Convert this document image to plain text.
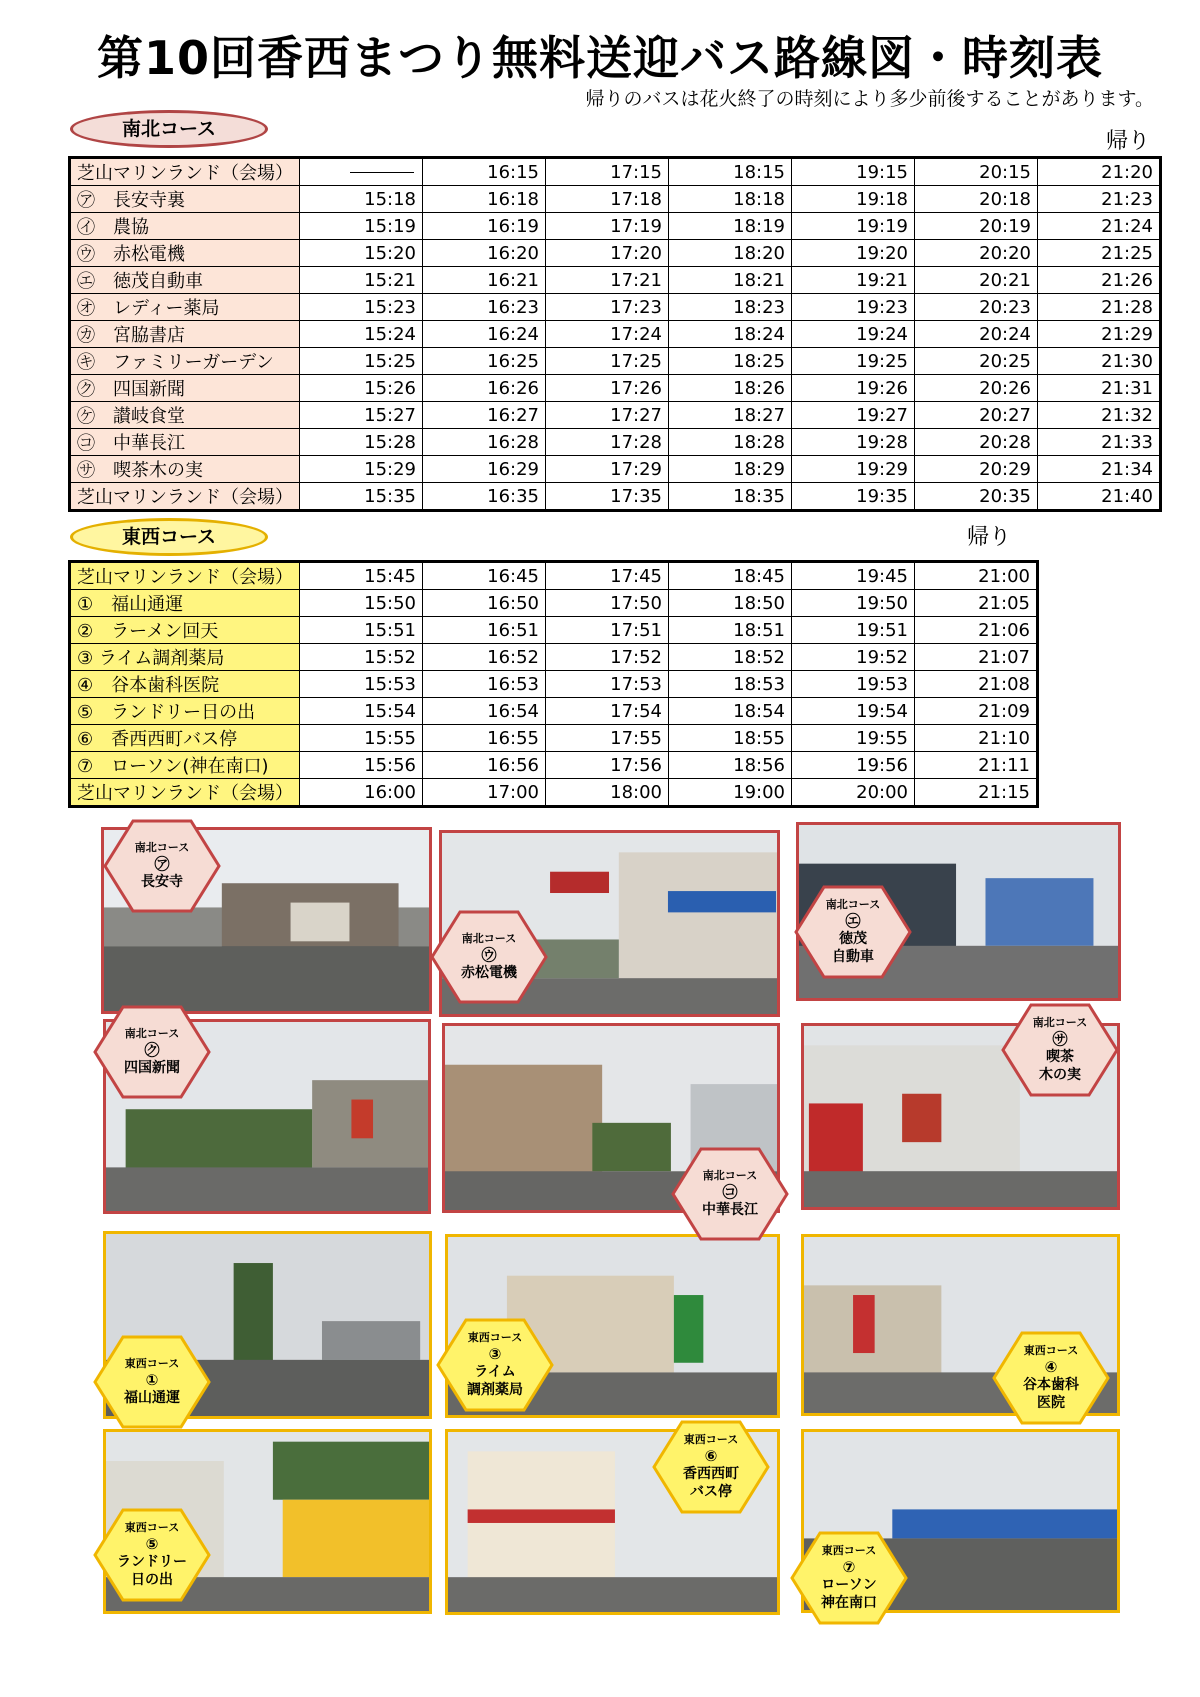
第10回香西まつり無料送迎バス路線図・時刻表
帰りのバスは花火終了の時刻により多少前後することがあります。
南北コース	帰り
芝山マリンランド（会場）		16:15	17:15	18:15	19:15	20:15	21:20
㋐　長安寺裏	15:18	16:18	17:18	18:18	19:18	20:18	21:23
㋑　農協	15:19	16:19	17:19	18:19	19:19	20:19	21:24
㋒　赤松電機	15:20	16:20	17:20	18:20	19:20	20:20	21:25
㋓　徳茂自動車	15:21	16:21	17:21	18:21	19:21	20:21	21:26
㋔　レディー薬局	15:23	16:23	17:23	18:23	19:23	20:23	21:28
㋕　宮脇書店	15:24	16:24	17:24	18:24	19:24	20:24	21:29
㋖　ファミリーガーデン	15:25	16:25	17:25	18:25	19:25	20:25	21:30
㋗　四国新聞	15:26	16:26	17:26	18:26	19:26	20:26	21:31
㋘　讃岐食堂	15:27	16:27	17:27	18:27	19:27	20:27	21:32
㋙　中華長江	15:28	16:28	17:28	18:28	19:28	20:28	21:33
㋚　喫茶木の実	15:29	16:29	17:29	18:29	19:29	20:29	21:34
芝山マリンランド（会場）	15:35	16:35	17:35	18:35	19:35	20:35	21:40
東西コース	帰り
芝山マリンランド（会場）	15:45	16:45	17:45	18:45	19:45	21:00
①　福山通運	15:50	16:50	17:50	18:50	19:50	21:05
②　ラーメン回天	15:51	16:51	17:51	18:51	19:51	21:06
③ ライム調剤薬局	15:52	16:52	17:52	18:52	19:52	21:07
④　谷本歯科医院	15:53	16:53	17:53	18:53	19:53	21:08
⑤　ランドリー日の出	15:54	16:54	17:54	18:54	19:54	21:09
⑥　香西西町バス停	15:55	16:55	17:55	18:55	19:55	21:10
⑦　ローソン(神在南口)	15:56	16:56	17:56	18:56	19:56	21:11
芝山マリンランド（会場）	16:00	17:00	18:00	19:00	20:00	21:15
南北コース
㋐
長安寺
南北コース
㋒
赤松電機
南北コース
㋓
徳茂
自動車
南北コース
㋗
四国新聞
南北コース
㋙
中華長江
南北コース
㋚
喫茶
木の実
東西コース
①
福山通運
東西コース
③
ライム
調剤薬局
東西コース
④
谷本歯科
医院
東西コース
⑤
ランドリー
日の出
東西コース
⑥
香西西町
バス停
東西コース
⑦
ローソン
神在南口
